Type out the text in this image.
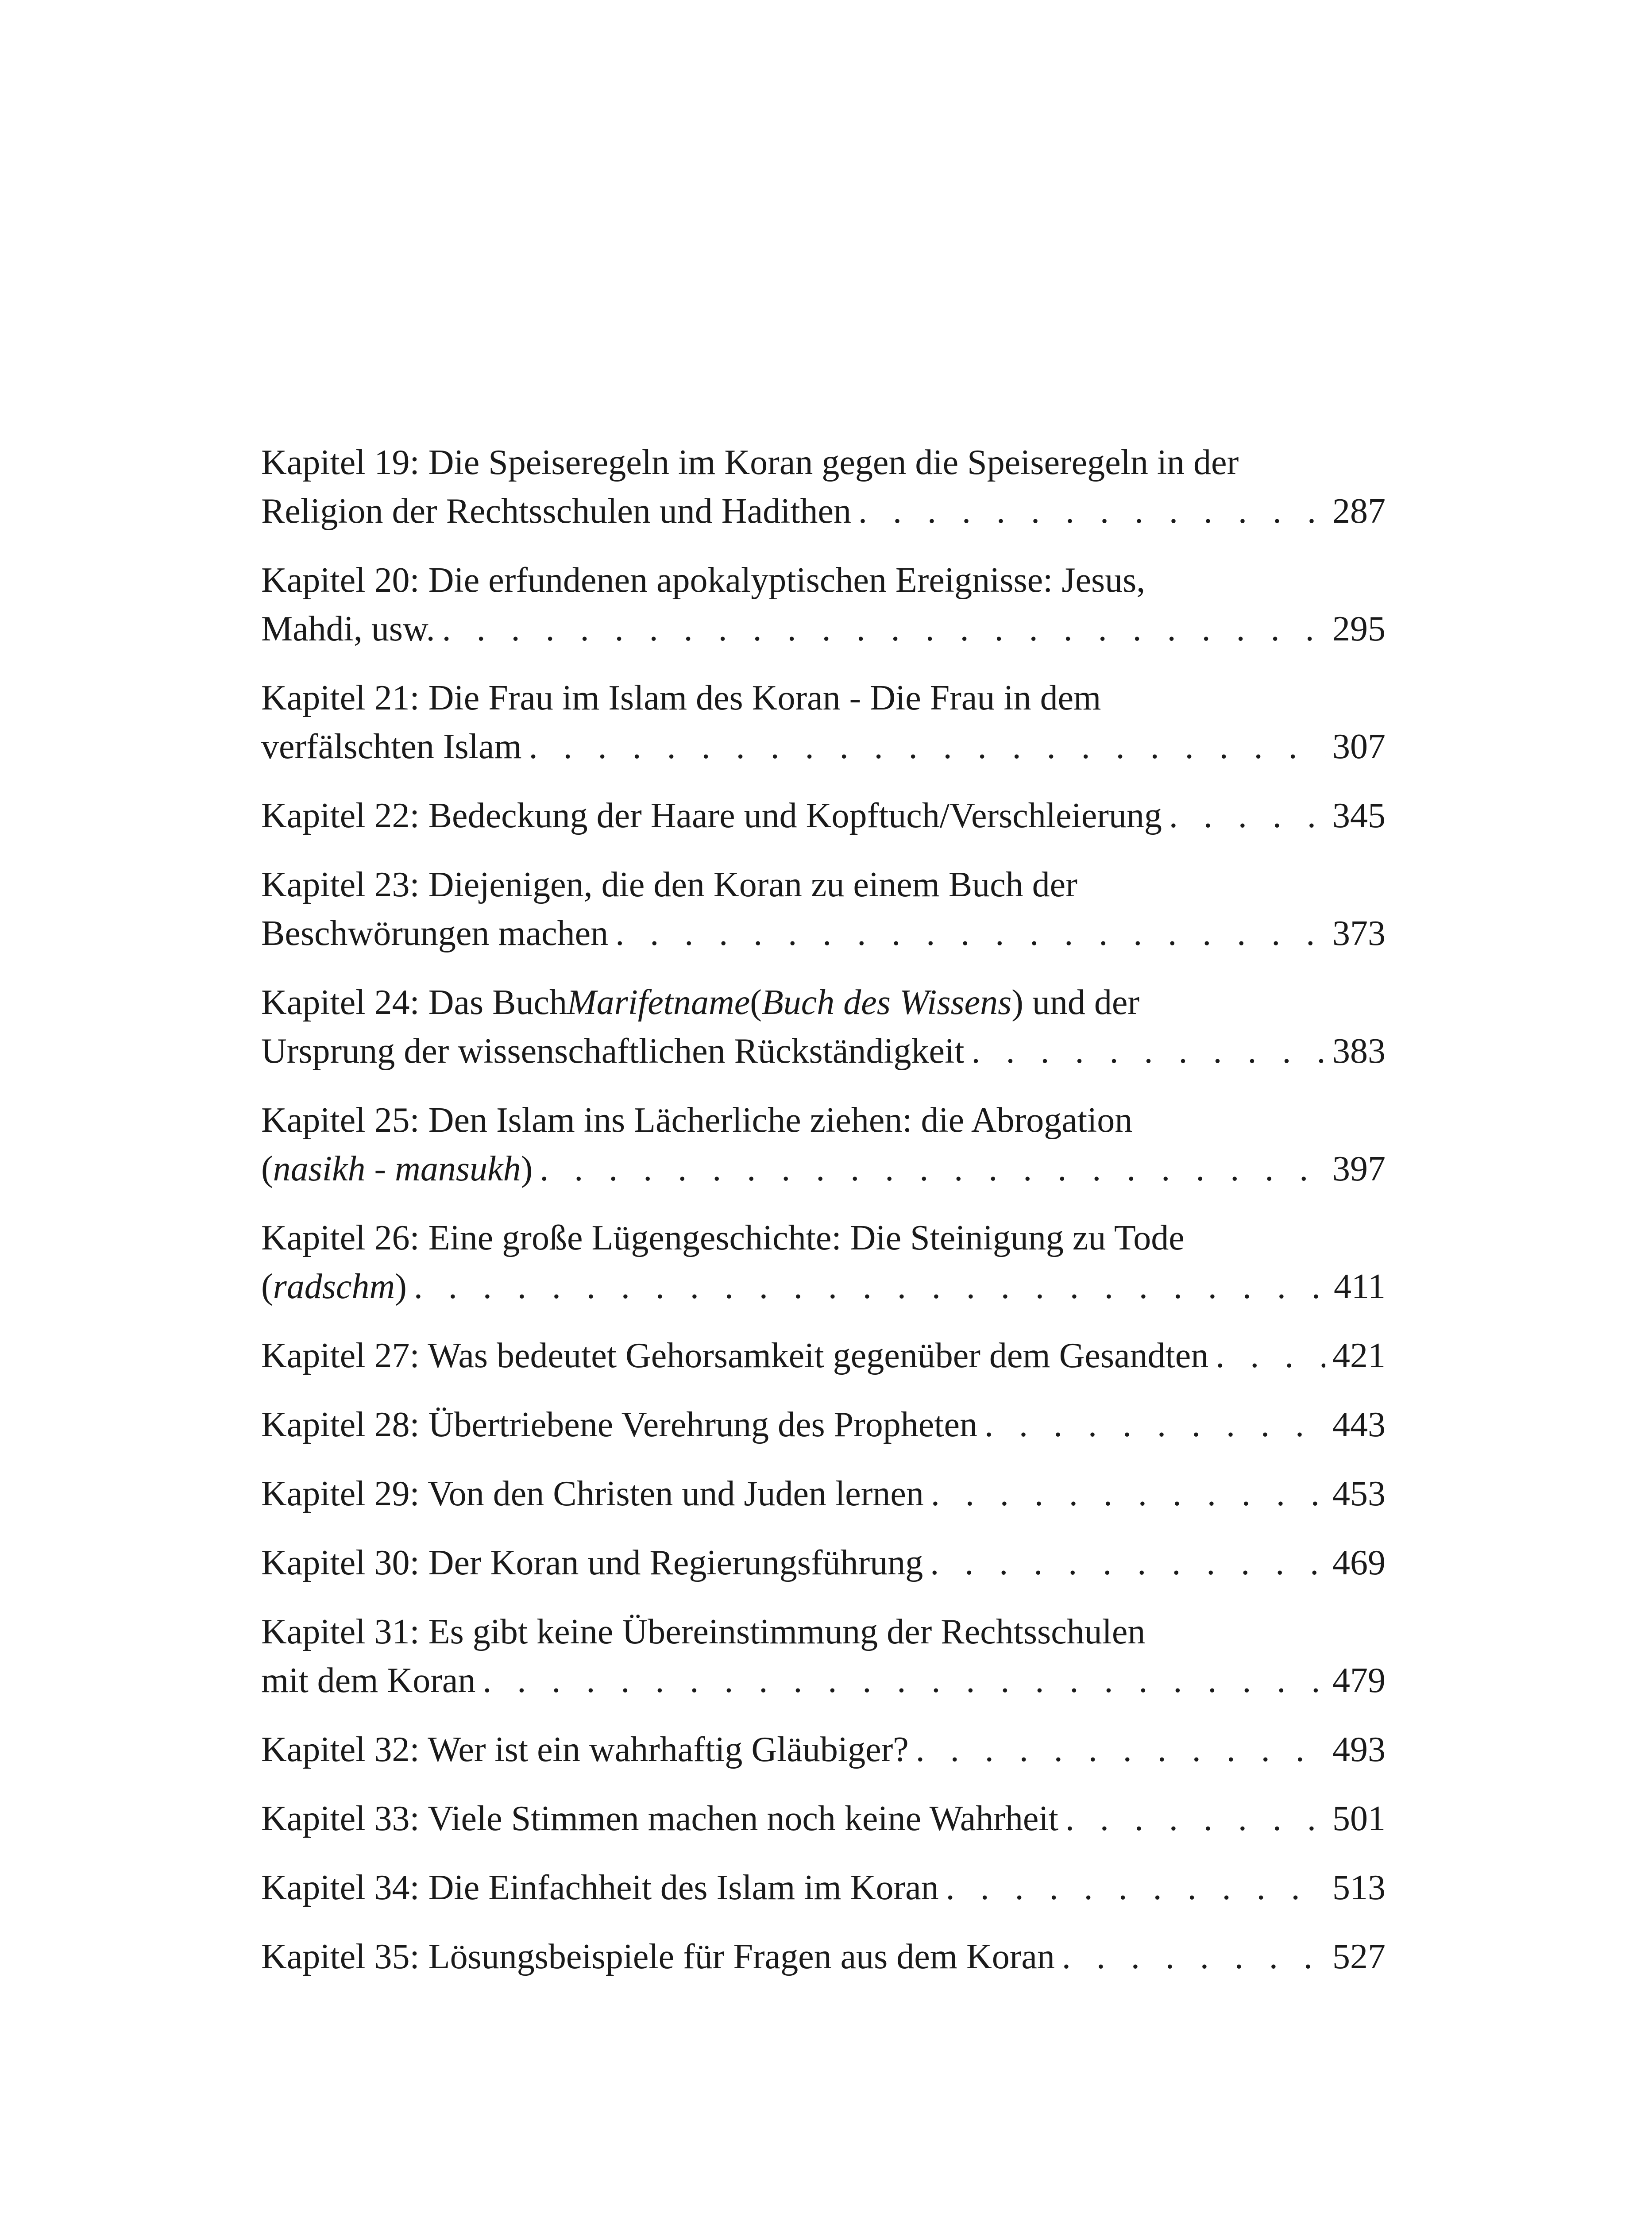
Kapitel 19: Die Speiseregeln im Koran gegen die Speiseregeln in der
Religion der Rechtsschulen und Hadithen . . .	287
Kapitel 20: Die erfundenen apokalyptischen Ereignisse: Jesus,
Mahdi, usw. . . .	295
Kapitel 21: Die Frau im Islam des Koran - Die Frau in dem
verfälschten Islam . . .	307
Kapitel 22: Bedeckung der Haare und Kopftuch/Verschleierung . . .	345
Kapitel 23: Diejenigen, die den Koran zu einem Buch der
Beschwörungen machen . . .	373
Kapitel 24: Das Buch Marifetname ( Buch des Wissens ) und der
Ursprung der wissenschaftlichen Rückständigkeit . . .	383
Kapitel 25: Den Islam ins Lächerliche ziehen: die Abrogation
(nasikh - mansukh) . . .	397
Kapitel 26: Eine große Lügengeschichte: Die Steinigung zu Tode
(radschm) . . .	411
Kapitel 27: Was bedeutet Gehorsamkeit gegenüber dem Gesandten . . .	421
Kapitel 28: Übertriebene Verehrung des Propheten . . .	443
Kapitel 29: Von den Christen und Juden lernen . . .	453
Kapitel 30: Der Koran und Regierungsführung . . .	469
Kapitel 31: Es gibt keine Übereinstimmung der Rechtsschulen
mit dem Koran . . .	479
Kapitel 32: Wer ist ein wahrhaftig Gläubiger? . . .	493
Kapitel 33: Viele Stimmen machen noch keine Wahrheit . . .	501
Kapitel 34: Die Einfachheit des Islam im Koran . . .	513
Kapitel 35: Lösungsbeispiele für Fragen aus dem Koran . . .	527
